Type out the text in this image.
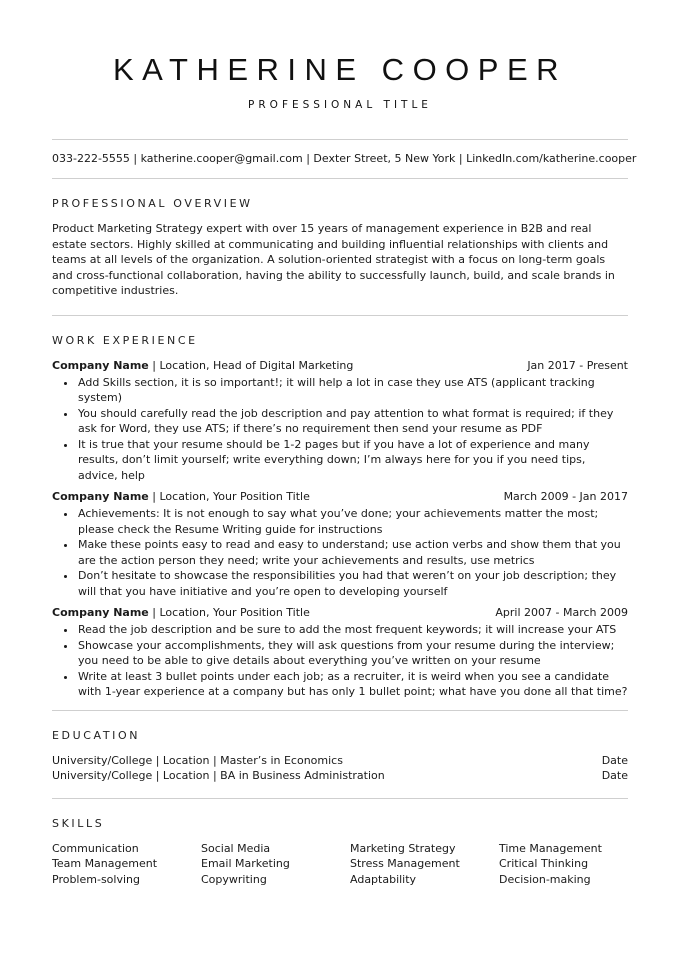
KATHERINE COOPER
PROFESSIONAL TITLE
033-222-5555 | katherine.cooper@gmail.com | Dexter Street, 5 New York | LinkedIn.com/katherine.cooper
PROFESSIONAL OVERVIEW

Product Marketing Strategy expert with over 15 years of management experience in B2B and real estate sectors. Highly skilled at communicating and building influential relationships with clients and teams at all levels of the organization. A solution-oriented strategist with a focus on long-term goals and cross-functional collaboration, having the ability to successfully launch, build, and scale brands in competitive industries.

WORK EXPERIENCE
Company Name | Location, Head of Digital Marketing	Jan 2017 - Present
• Add Skills section, it is so important!; it will help a lot in case they use ATS (applicant tracking system)
• You should carefully read the job description and pay attention to what format is required; if they ask for Word, they use ATS; if there’s no requirement then send your resume as PDF
• It is true that your resume should be 1-2 pages but if you have a lot of experience and many results, don’t limit yourself; write everything down; I’m always here for you if you need tips, advice, help
Company Name | Location, Your Position Title	March 2009 - Jan 2017
• Achievements: It is not enough to say what you’ve done; your achievements matter the most; please check the Resume Writing guide for instructions
• Make these points easy to read and easy to understand; use action verbs and show them that you are the action person they need; write your achievements and results, use metrics
• Don’t hesitate to showcase the responsibilities you had that weren’t on your job description; they will that you have initiative and you’re open to developing yourself
Company Name | Location, Your Position Title	April 2007 - March 2009
• Read the job description and be sure to add the most frequent keywords; it will increase your ATS
• Showcase your accomplishments, they will ask questions from your resume during the interview; you need to be able to give details about everything you’ve written on your resume
• Write at least 3 bullet points under each job; as a recruiter, it is weird when you see a candidate with 1-year experience at a company but has only 1 bullet point; what have you done all that time?
EDUCATION
University/College | Location | Master’s in Economics	Date
University/College | Location | BA in Business Administration	Date
SKILLS
Communication	Social Media	Marketing Strategy	Time Management
Team Management	Email Marketing	Stress Management	Critical Thinking
Problem-solving	Copywriting	Adaptability	Decision-making
